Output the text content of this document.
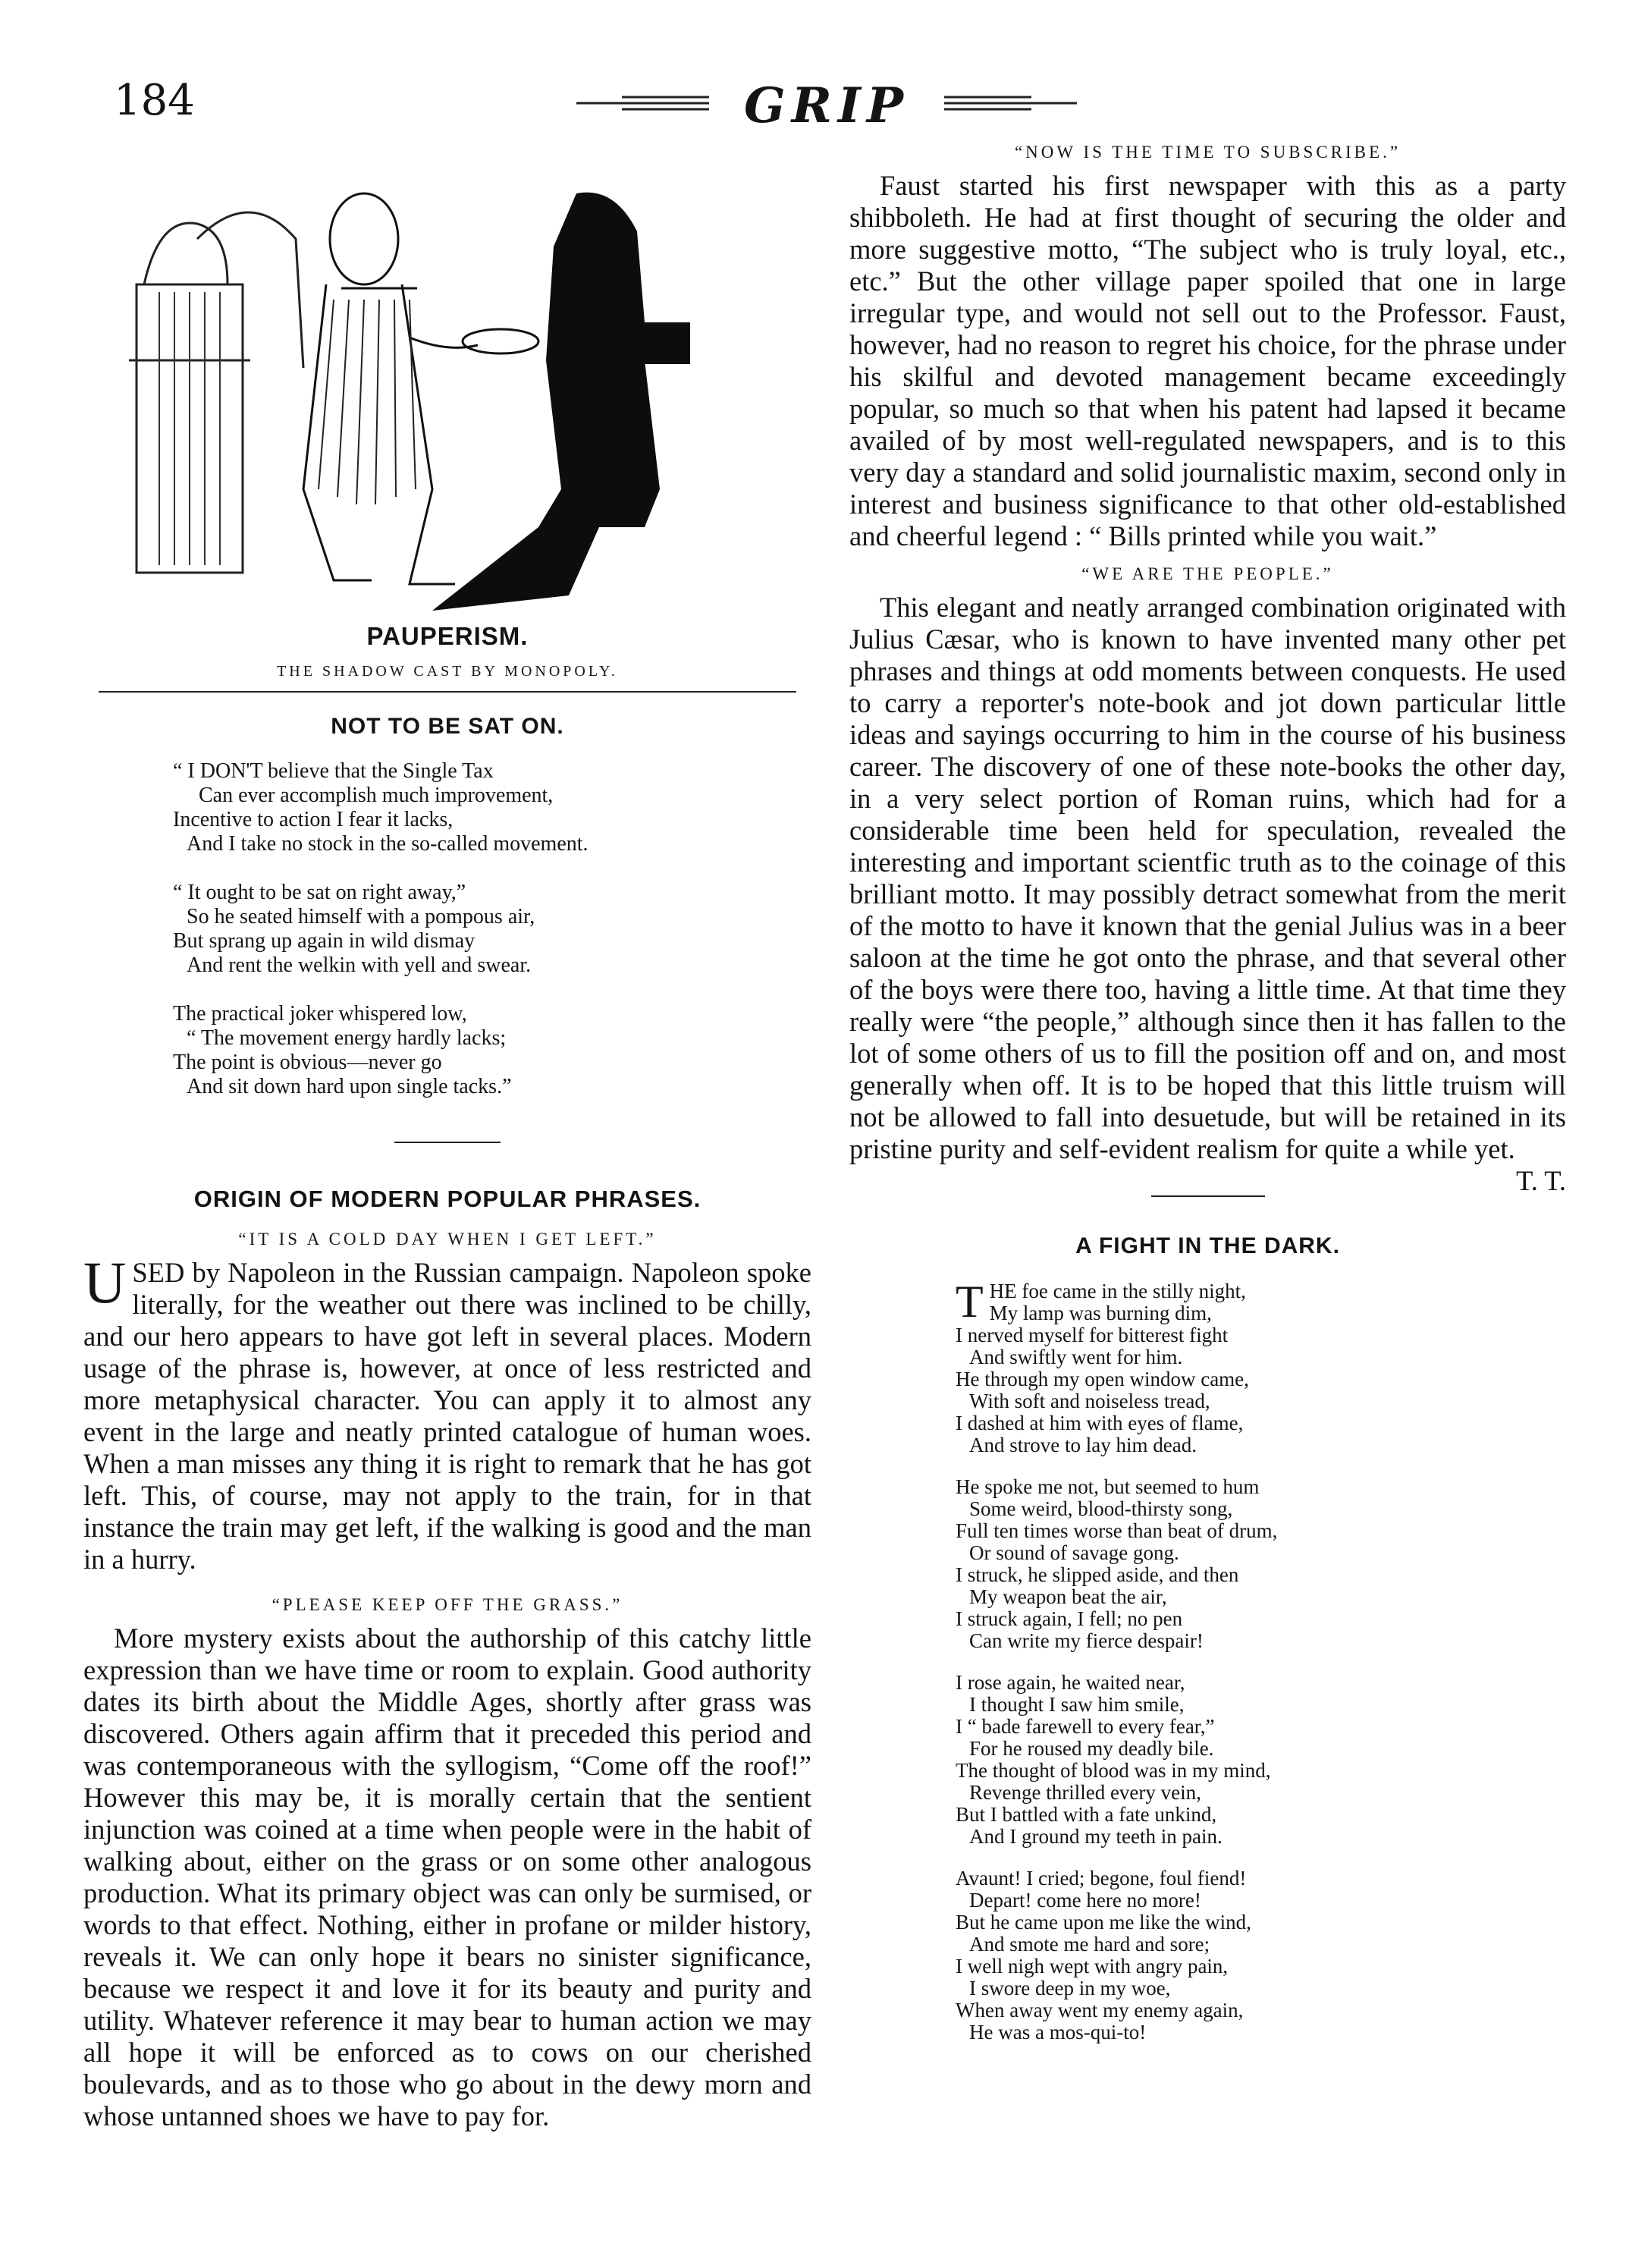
184	GRIP

PAUPERISM.

THE SHADOW CAST BY MONOPOLY.

NOT TO BE SAT ON.

“ I DON'T believe that the Single Tax
Can ever accomplish much improvement,
Incentive to action I fear it lacks,
And I take no stock in the so-called movement.
“ It ought to be sat on right away,”
So he seated himself with a pompous air,
But sprang up again in wild dismay
And rent the welkin with yell and swear.
The practical joker whispered low,
“ The movement energy hardly lacks;
The point is obvious—never go
And sit down hard upon single tacks.”

ORIGIN OF MODERN POPULAR PHRASES.

“IT IS A COLD DAY WHEN I GET LEFT.”

USED by Napoleon in the Russian campaign. Napoleon spoke literally, for the weather out there was inclined to be chilly, and our hero appears to have got left in several places. Modern usage of the phrase is, however, at once of less restricted and more metaphysical character. You can apply it to almost any event in the large and neatly printed catalogue of human woes. When a man misses any thing it is right to remark that he has got left. This, of course, may not apply to the train, for in that instance the train may get left, if the walking is good and the man in a hurry.

“PLEASE KEEP OFF THE GRASS.”

More mystery exists about the authorship of this catchy little expression than we have time or room to explain. Good authority dates its birth about the Middle Ages, shortly after grass was discovered. Others again affirm that it preceded this period and was contemporaneous with the syllogism, “Come off the roof!” However this may be, it is morally certain that the sentient injunction was coined at a time when people were in the habit of walking about, either on the grass or on some other analogous production. What its primary object was can only be surmised, or words to that effect. Nothing, either in profane or milder history, reveals it. We can only hope it bears no sinister significance, because we respect it and love it for its beauty and purity and utility. Whatever reference it may bear to human action we may all hope it will be enforced as to cows on our cherished boulevards, and as to those who go about in the dewy morn and whose untanned shoes we have to pay for.

“NOW IS THE TIME TO SUBSCRIBE.”

Faust started his first newspaper with this as a party shibboleth. He had at first thought of securing the older and more suggestive motto, “The subject who is truly loyal, etc., etc.” But the other village paper spoiled that one in large irregular type, and would not sell out to the Professor. Faust, however, had no reason to regret his choice, for the phrase under his skilful and devoted management became exceedingly popular, so much so that when his patent had lapsed it became availed of by most well-regulated newspapers, and is to this very day a standard and solid journalistic maxim, second only in interest and business significance to that other old-established and cheerful legend : “ Bills printed while you wait.”

“WE ARE THE PEOPLE.”

This elegant and neatly arranged combination originated with Julius Cæsar, who is known to have invented many other pet phrases and things at odd moments between conquests. He used to carry a reporter's note-book and jot down particular little ideas and sayings occurring to him in the course of his business career. The discovery of one of these note-books the other day, in a very select portion of Roman ruins, which had for a considerable time been held for speculation, revealed the interesting and important scientfic truth as to the coinage of this brilliant motto. It may possibly detract somewhat from the merit of the motto to have it known that the genial Julius was in a beer saloon at the time he got onto the phrase, and that several other of the boys were there too, having a little time. At that time they really were “the people,” although since then it has fallen to the lot of some others of us to fill the position off and on, and most generally when off. It is to be hoped that this little truism will not be allowed to fall into desuetude, but will be retained in its pristine purity and self-evident realism for quite a while yet.
T. T.

A FIGHT IN THE DARK.

THE foe came in the stilly night,
My lamp was burning dim,
I nerved myself for bitterest fight
And swiftly went for him.
He through my open window came,
With soft and noiseless tread,
I dashed at him with eyes of flame,
And strove to lay him dead.
He spoke me not, but seemed to hum
Some weird, blood-thirsty song,
Full ten times worse than beat of drum,
Or sound of savage gong.
I struck, he slipped aside, and then
My weapon beat the air,
I struck again, I fell; no pen
Can write my fierce despair!
I rose again, he waited near,
I thought I saw him smile,
I “ bade farewell to every fear,”
For he roused my deadly bile.
The thought of blood was in my mind,
Revenge thrilled every vein,
But I battled with a fate unkind,
And I ground my teeth in pain.
Avaunt! I cried; begone, foul fiend!
Depart! come here no more!
But he came upon me like the wind,
And smote me hard and sore;
I well nigh wept with angry pain,
I swore deep in my woe,
When away went my enemy again,
He was a mos-qui-to!
